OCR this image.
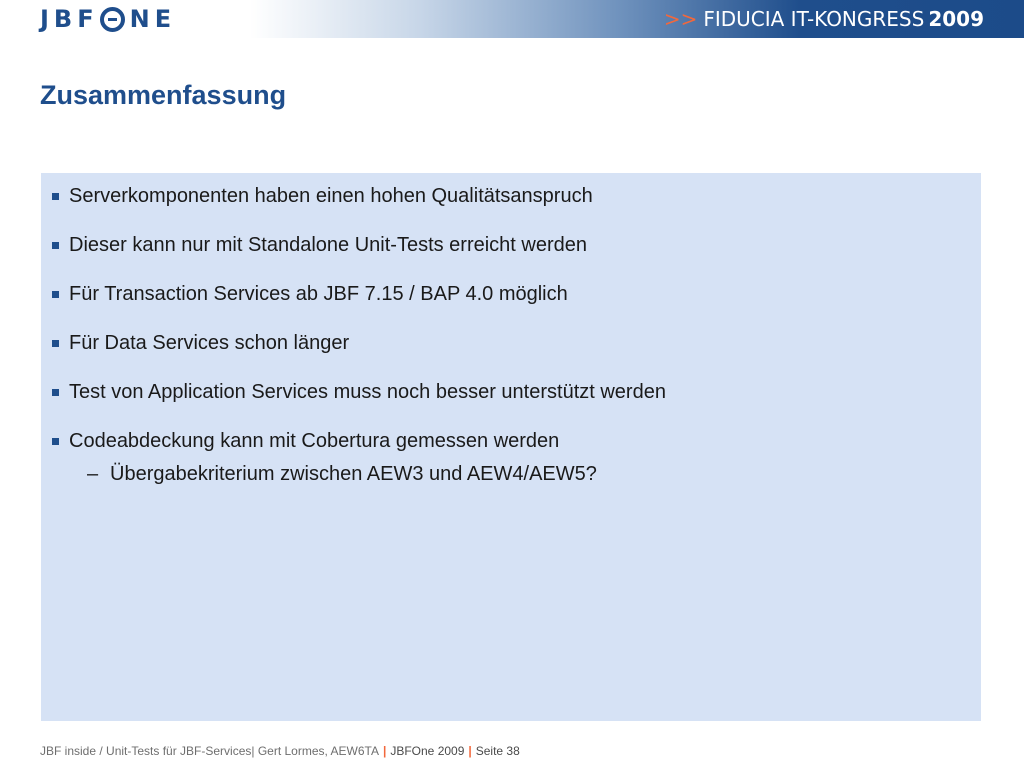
JBF NE	>> FIDUCIA IT-KONGRESS 2009
Zusammenfassung
Serverkomponenten haben einen hohen Qualitätsanspruch
Dieser kann nur mit Standalone Unit-Tests erreicht werden
Für Transaction Services ab JBF 7.15 / BAP 4.0 möglich
Für Data Services schon länger
Test von Application Services muss noch besser unterstützt werden
Codeabdeckung kann mit Cobertura gemessen werden
– Übergabekriterium zwischen AEW3 und AEW4/AEW5?
JBF inside / Unit-Tests für JBF-Services| Gert Lormes, AEW6TA | JBFOne 2009 | Seite 38
